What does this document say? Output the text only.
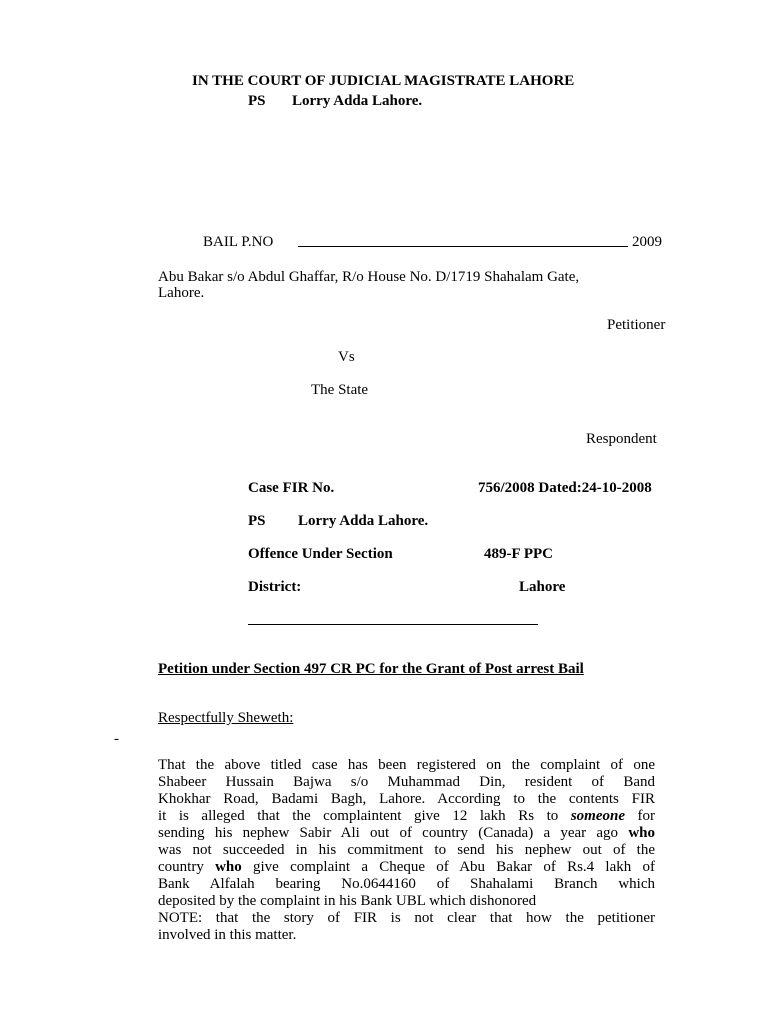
IN THE COURT OF JUDICIAL MAGISTRATE LAHORE
PS Lorry Adda Lahore.
BAIL P.NO	2009
Abu Bakar s/o Abdul Ghaffar, R/o House No. D/1719 Shahalam Gate,
Lahore.
Petitioner
Vs
The State
Respondent
Case FIR No.	756/2008 Dated:24-10-2008
PS Lorry Adda Lahore.
Offence Under Section	489-F PPC
District:	Lahore
Petition under Section 497 CR PC for the Grant of Post arrest Bail
Respectfully Sheweth:
-
That the above titled case has been registered on the complaint of one
Shabeer Hussain Bajwa s/o Muhammad Din, resident of Band
Khokhar Road, Badami Bagh, Lahore. According to the contents FIR
it is alleged that the complaintent give 12 lakh Rs to someone for
sending his nephew Sabir Ali out of country (Canada) a year ago who
was not succeeded in his commitment to send his nephew out of the
country who give complaint a Cheque of Abu Bakar of Rs.4 lakh of
Bank Alfalah bearing No.0644160 of Shahalami Branch which
deposited by the complaint in his Bank UBL which dishonored
NOTE: that the story of FIR is not clear that how the petitioner
involved in this matter.
